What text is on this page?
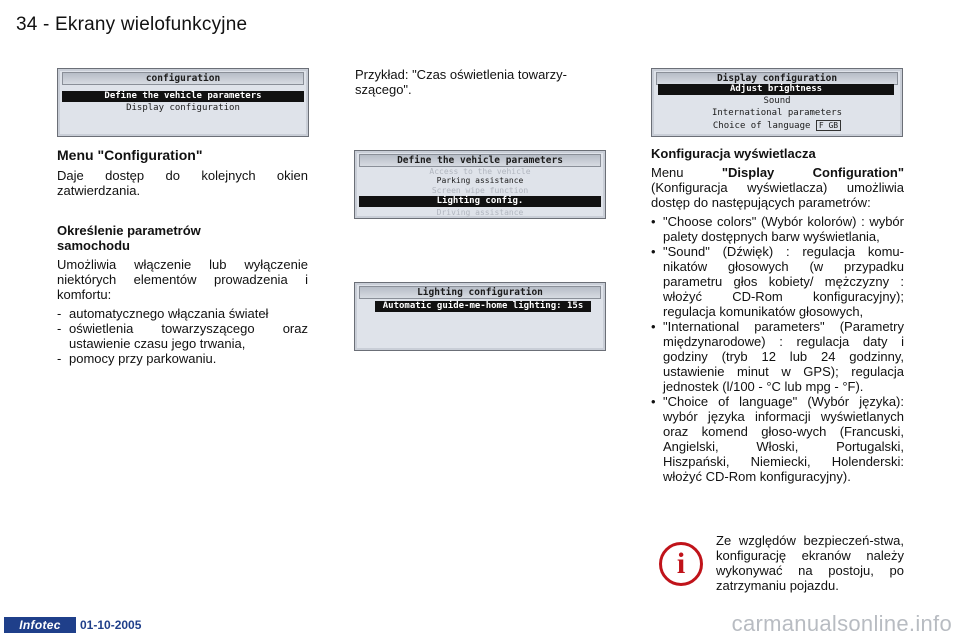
34 - Ekrany wielofunkcyjne
configuration
Define the vehicle parameters
Display configuration

Menu "Configuration"

Daje dostęp do kolejnych okien zatwierdzania.

Określenie parametrów

samochodu

Umożliwia włączenie lub wyłączenie niektórych elementów prowadzenia i komfortu:

- automatycznego włączania świateł
- oświetlenia towarzyszącego oraz ustawienie czasu jego trwania,
- pomocy przy parkowaniu.

Przykład: "Czas oświetlenia towarzy-szącego".

Define the vehicle parameters
Access to the vehicle
Parking assistance
Screen wipe function
Lighting config.
Driving assistance
Lighting configuration
Automatic guide-me-home lighting: 15s
Display configuration
Adjust brightness
Sound
International parameters
Choice of language F GB

Konfiguracja wyświetlacza

Menu	"Display Configuration" (Konfiguracja wyświetlacza) umożliwia dostęp do następujących parametrów:

• "Choose colors" (Wybór kolorów) : wybór palety dostępnych barw wyświetlania,
• "Sound" (Dźwięk) : regulacja komu-nikatów głosowych (w przypadku parametru głos kobiety/ mężczyzny : włożyć CD-Rom konfiguracyjny); regulacja komunikatów głosowych,
• "International parameters" (Parametry międzynarodowe) : regulacja daty i godziny (tryb 12 lub 24 godzinny, ustawienie minut w GPS); regulacja jednostek (l/100 - °C lub mpg - °F).
• "Choice of language" (Wybór języka): wybór języka informacji wyświetlanych oraz komend głoso-wych (Francuski, Angielski, Włoski, Portugalski, Hiszpański, Niemiecki, Holenderski: włożyć CD-Rom konfiguracyjny).
i
Ze względów bezpieczeń-stwa, konfigurację ekranów należy wykonywać na postoju, po zatrzymaniu pojazdu.
Infotec	01-10-2005	carmanualsonline.info
